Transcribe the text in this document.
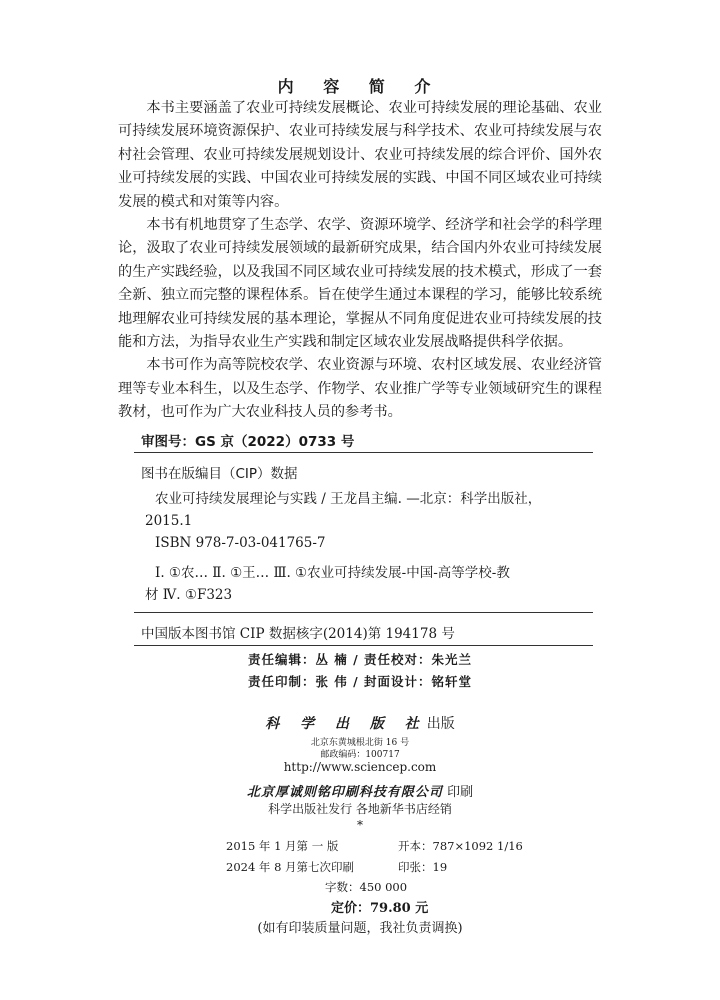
内 容 简 介

本书主要涵盖了农业可持续发展概论、农业可持续发展的理论基础、农业可持续发展环境资源保护、农业可持续发展与科学技术、农业可持续发展与农村社会管理、农业可持续发展规划设计、农业可持续发展的综合评价、国外农业可持续发展的实践、中国农业可持续发展的实践、中国不同区域农业可持续发展的模式和对策等内容。

本书有机地贯穿了生态学、农学、资源环境学、经济学和社会学的科学理论，汲取了农业可持续发展领域的最新研究成果，结合国内外农业可持续发展的生产实践经验，以及我国不同区域农业可持续发展的技术模式，形成了一套全新、独立而完整的课程体系。旨在使学生通过本课程的学习，能够比较系统地理解农业可持续发展的基本理论，掌握从不同角度促进农业可持续发展的技能和方法，为指导农业生产实践和制定区域农业发展战略提供科学依据。

本书可作为高等院校农学、农业资源与环境、农村区域发展、农业经济管理等专业本科生，以及生态学、作物学、农业推广学等专业领域研究生的课程教材，也可作为广大农业科技人员的参考书。

审图号：GS 京（2022）0733 号
图书在版编目（CIP）数据
农业可持续发展理论与实践 / 王龙昌主编. —北京：科学出版社，
2015.1
ISBN 978-7-03-041765-7
Ⅰ. ①农… Ⅱ. ①王… Ⅲ. ①农业可持续发展-中国-高等学校-教
材 Ⅳ. ①F323
中国版本图书馆 CIP 数据核字(2014)第 194178 号
责任编辑：丛 楠 / 责任校对：朱光兰
责任印制：张 伟 / 封面设计：铭轩堂
科 学 出 版 社出版
北京东黄城根北街 16 号
邮政编码：100717
http://www.sciencep.com
北京厚诚则铭印刷科技有限公司 印刷
科学出版社发行 各地新华书店经销
*
2015 年 1 月第 一 版	开本：787×1092 1/16
2024 年 8 月第七次印刷	印张：19
字数：450 000
定价：79.80 元
(如有印装质量问题，我社负责调换)
